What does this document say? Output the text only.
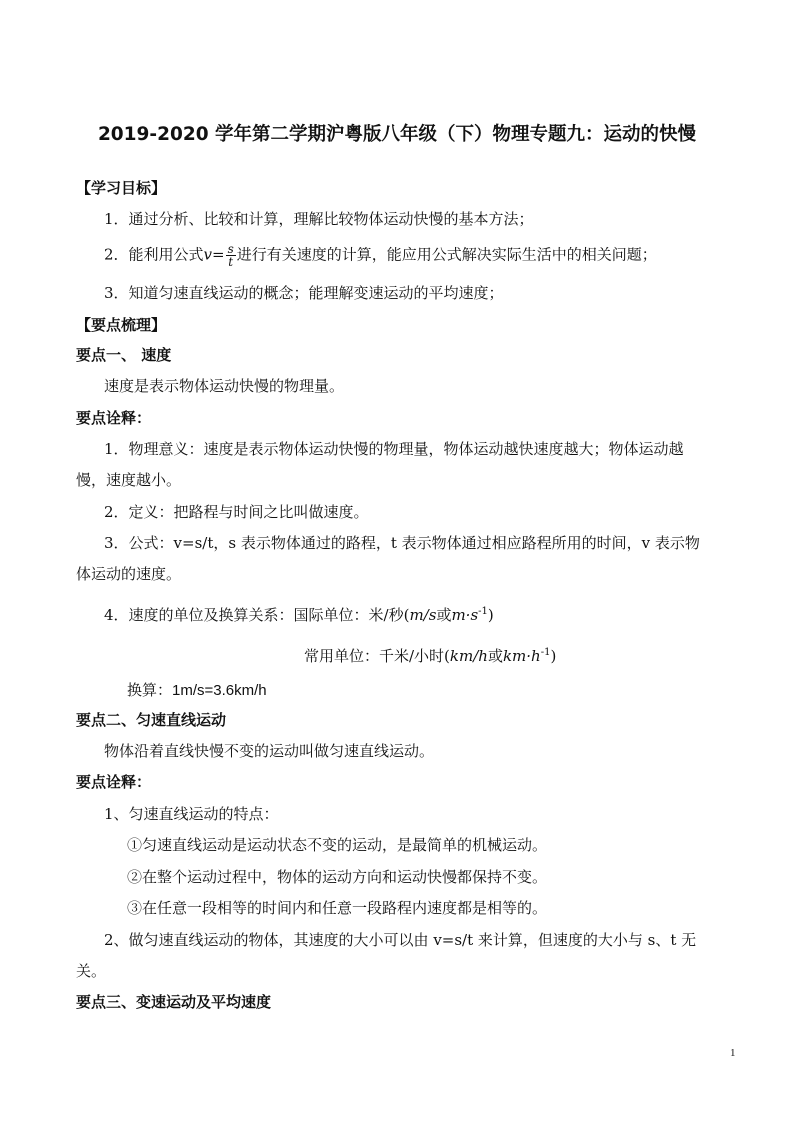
2019-2020 学年第二学期沪粤版八年级（下）物理专题九：运动的快慢
【学习目标】
1．通过分析、比较和计算，理解比较物体运动快慢的基本方法；
2．能利用公式$v= \frac{s}{t}$ 进行有关速度的计算，能应用公式解决实际生活中的相关问题；
3．知道匀速直线运动的概念；能理解变速运动的平均速度；
【要点梳理】
要点一、 速度
速度是表示物体运动快慢的物理量。
要点诠释：
1．物理意义：速度是表示物体运动快慢的物理量，物体运动越快速度越大；物体运动越
慢，速度越小。
2．定义：把路程与时间之比叫做速度。
3．公式：v=s/t，s 表示物体通过的路程，t 表示物体通过相应路程所用的时间，v 表示物
体运动的速度。
4．速度的单位及换算关系：国际单位：米/秒(m/s或$m\cdot s^{-1}$)
常用单位：千米/小时(km/h或$km\cdot h^{-1}$)
换算：1m/s=3.6km/h
要点二、匀速直线运动
物体沿着直线快慢不变的运动叫做匀速直线运动。
要点诠释：
1、匀速直线运动的特点：
①匀速直线运动是运动状态不变的运动，是最简单的机械运动。
②在整个运动过程中，物体的运动方向和运动快慢都保持不变。
③在任意一段相等的时间内和任意一段路程内速度都是相等的。
2、做匀速直线运动的物体，其速度的大小可以由 v=s/t 来计算，但速度的大小与 s、t 无
关。
要点三、变速运动及平均速度
1
